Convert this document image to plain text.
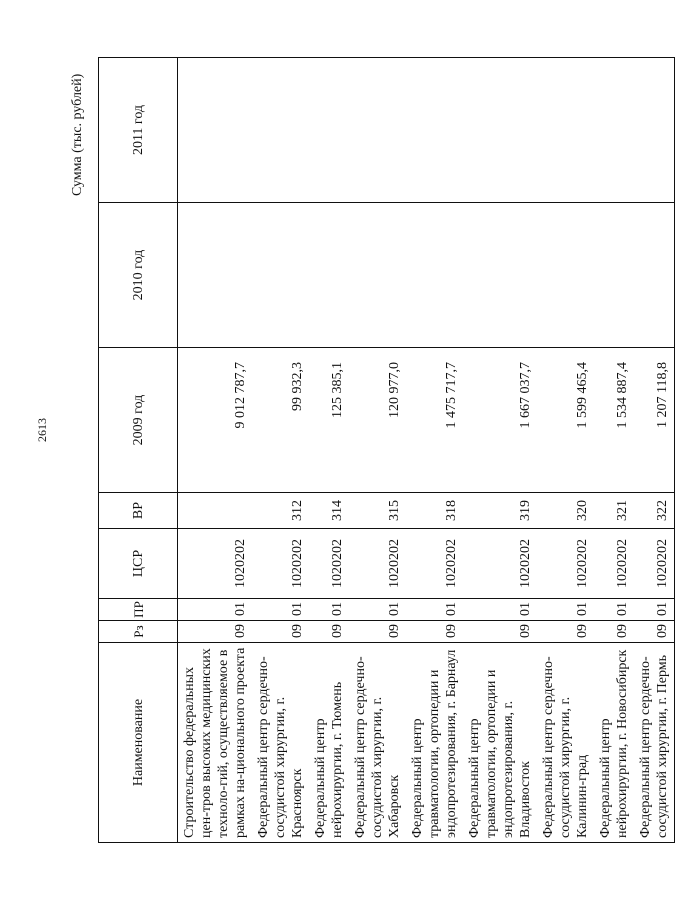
2613
Сумма (тыс. рублей)
Наименование	Рз	ПР	ЦСР	ВР	2009 год	2010 год	2011 год
Строительство федеральных цен-тров высоких медицинских техноло-гий, осуществляемое в рамках на-ционального проекта	09	01	1020202		9 012 787,7		
Федеральный центр сердечно-сосудистой хирургии, г. Красноярск	09	01	1020202	312	99 932,3		
Федеральный центр нейрохирургии, г. Тюмень	09	01	1020202	314	125 385,1		
Федеральный центр сердечно-сосудистой хирургии, г. Хабаровск	09	01	1020202	315	120 977,0		
Федеральный центр травматологии, ортопедии и эндопротезирования, г. Барнаул	09	01	1020202	318	1 475 717,7		
Федеральный центр травматологии, ортопедии и эндопротезирования, г. Владивосток	09	01	1020202	319	1 667 037,7		
Федеральный центр сердечно-сосудистой хирургии, г. Калинин-град	09	01	1020202	320	1 599 465,4		
Федеральный центр нейрохирургии, г. Новосибирск	09	01	1020202	321	1 534 887,4		
Федеральный центр сердечно-сосудистой хирургии, г. Пермь	09	01	1020202	322	1 207 118,8		
